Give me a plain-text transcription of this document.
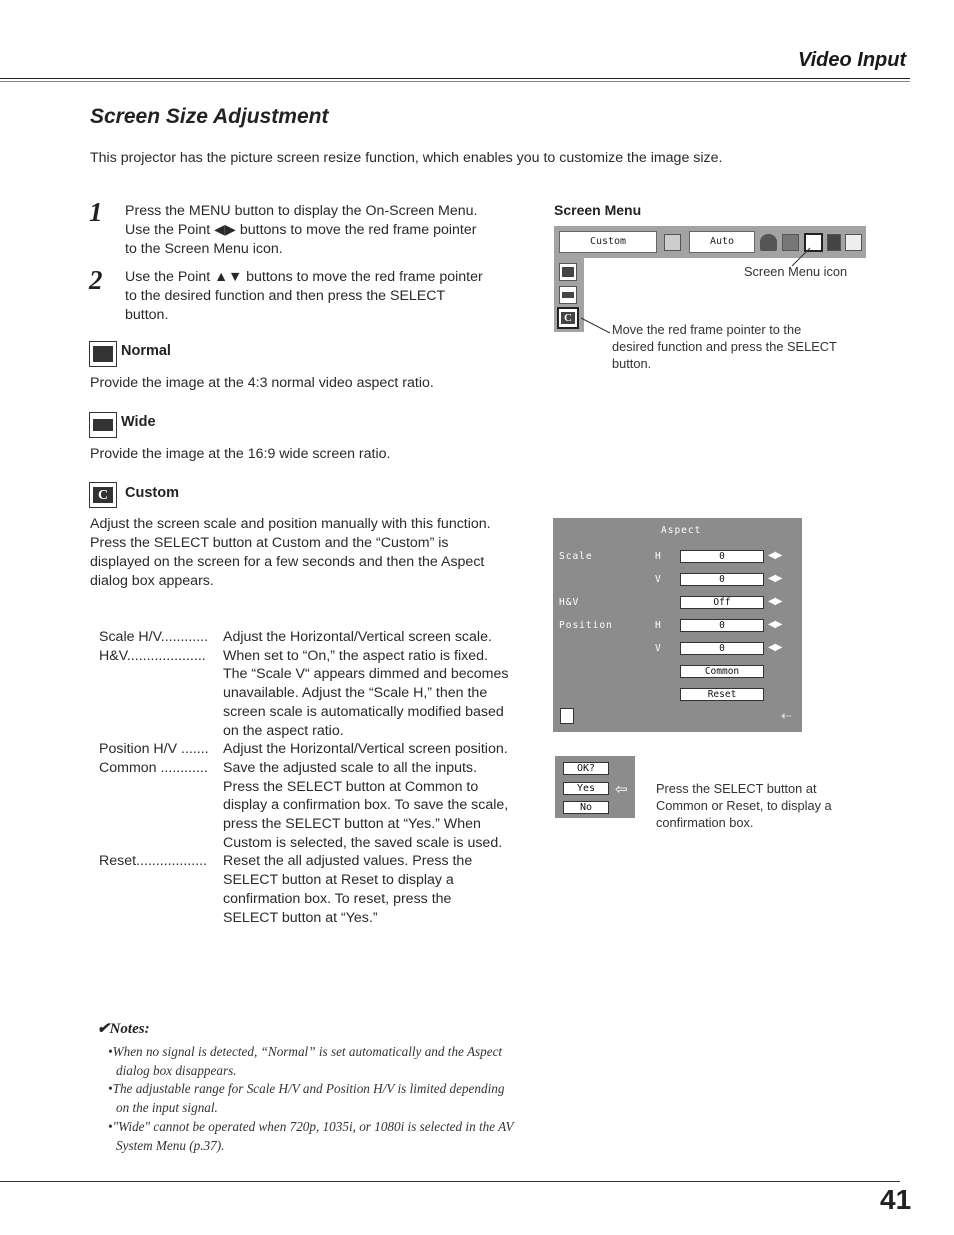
Video Input
Screen Size Adjustment
This projector has the picture screen resize function, which enables you to customize the image size.
1 Press the MENU button to display the On-Screen Menu. Use the Point ◀▶ buttons to move the red frame pointer to the Screen Menu icon.
2 Use the Point ▲▼ buttons to move the red frame pointer to the desired function and then press the SELECT button.
Normal
Provide the image at the 4:3 normal video aspect ratio.
Wide
Provide the image at the 16:9 wide screen ratio.
C	Custom
Adjust the screen scale and position manually with this function.
Press the SELECT button at Custom and the “Custom” is displayed on the screen for a few seconds and then the Aspect dialog box appears.
Scale H/V............	Adjust the Horizontal/Vertical screen scale.
H&V....................	When set to “On,” the aspect ratio is fixed. The “Scale V“ appears dimmed and becomes unavailable. Adjust the “Scale H,” then the screen scale is automatically modified based on the aspect ratio.
Position H/V .......	Adjust the Horizontal/Vertical screen position.
Common ............	Save the adjusted scale to all the inputs. Press the SELECT button at Common to display a confirmation box. To save the scale, press the SELECT button at “Yes.” When Custom is selected, the saved scale is used.
Reset..................	Reset the all adjusted values. Press the SELECT button at Reset to display a confirmation box. To reset, press the SELECT button at “Yes.”
✔Notes:
•When no signal is detected, “Normal” is set automatically and the Aspect dialog box disappears.
•The adjustable range for Scale H/V and Position H/V is limited depending on the input signal.
•"Wide" cannot be operated when 720p, 1035i, or 1080i is selected in the AV System Menu (p.37).
Screen Menu
Custom	Auto
C
Screen Menu icon
Move the red frame pointer to the desired function and press the SELECT button.
Aspect
Scale	H	0	◀▶
V	0	◀▶
H&V	Off	◀▶
Position	H	0	◀▶
V	0	◀▶
Common
Reset
⇠
OK?
Yes
No
⇦ Press the SELECT button at Common or Reset, to display a confirmation box.
41
